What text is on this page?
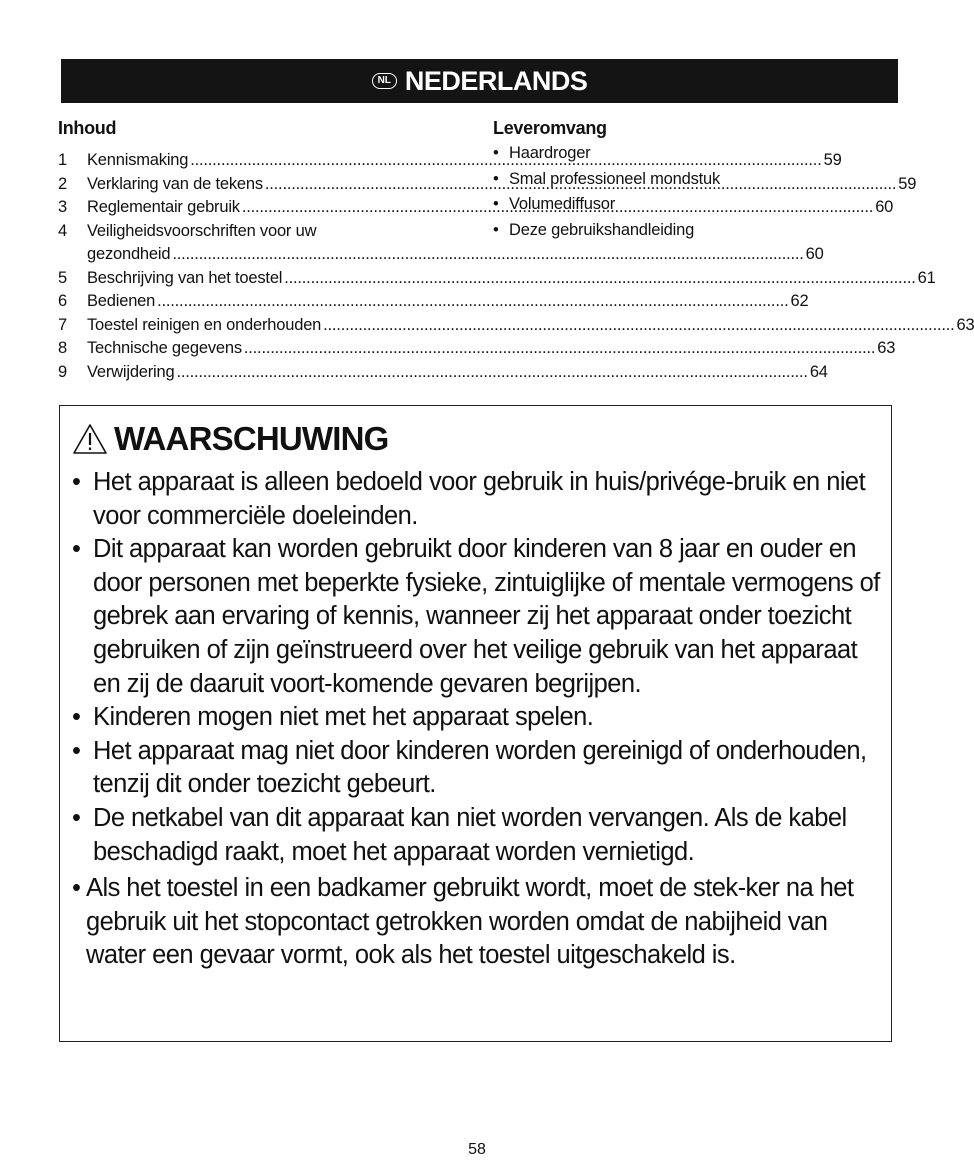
NL NEDERLANDS
Inhoud
1	Kennismaking .....	59
2	Verklaring van de tekens .....	59
3	Reglementair gebruik .....	60
4	Veiligheidsvoorschriften voor uw
gezondheid .....	60
5	Beschrijving van het toestel .....	61
6	Bedienen .....	62
7	Toestel reinigen en onderhouden .....	63
8	Technische gegevens .....	63
9	Verwijdering .....	64
Leveromvang
• Haardroger
• Smal professioneel mondstuk
• Volumediffusor
• Deze gebruikshandleiding
WAARSCHUWING
• Het apparaat is alleen bedoeld voor gebruik in huis/privége-bruik en niet voor commerciële doeleinden.
• Dit apparaat kan worden gebruikt door kinderen van 8 jaar en ouder en door personen met beperkte fysieke, zintuiglijke of mentale vermogens of gebrek aan ervaring of kennis, wanneer zij het apparaat onder toezicht gebruiken of zijn geïnstrueerd over het veilige gebruik van het apparaat en zij de daaruit voort-komende gevaren begrijpen.
• Kinderen mogen niet met het apparaat spelen.
• Het apparaat mag niet door kinderen worden gereinigd of onderhouden, tenzij dit onder toezicht gebeurt.
• De netkabel van dit apparaat kan niet worden vervangen. Als de kabel beschadigd raakt, moet het apparaat worden vernietigd.
• Als het toestel in een badkamer gebruikt wordt, moet de stek-ker na het gebruik uit het stopcontact getrokken worden omdat de nabijheid van water een gevaar vormt, ook als het toestel uitgeschakeld is.
58
